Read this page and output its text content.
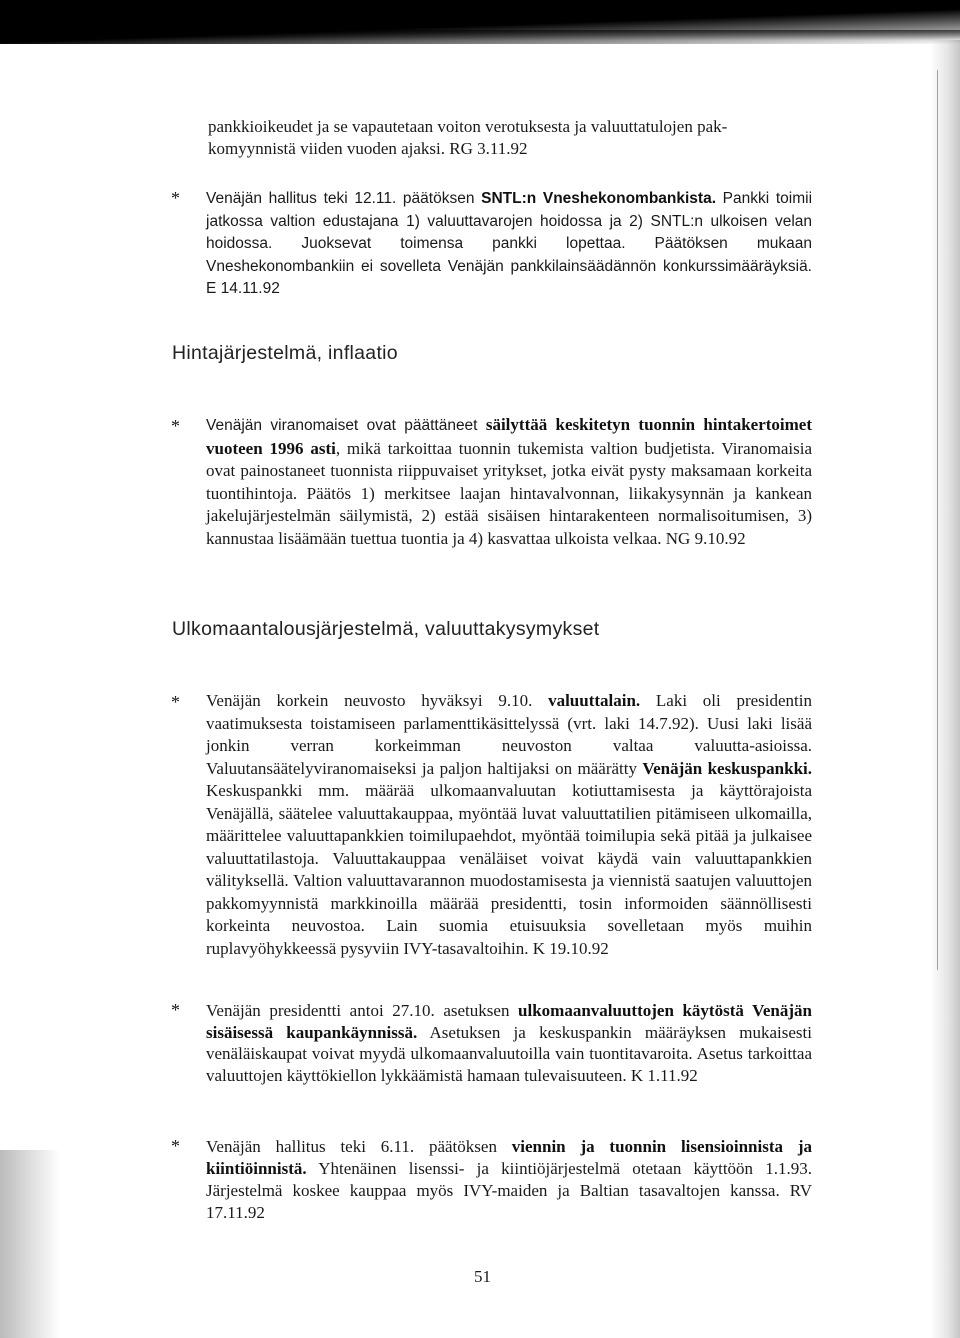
pankkioikeudet ja se vapautetaan voiton verotuksesta ja valuuttatulojen pak-

komyynnistä viiden vuoden ajaksi. RG 3.11.92

* Venäjän hallitus teki 12.11. päätöksen SNTL:n Vneshekonombankista. Pankki toimii jatkossa valtion edustajana 1) valuuttavarojen hoidossa ja 2) SNTL:n ulkoisen velan hoidossa. Juoksevat toimensa pankki lopettaa. Päätöksen mukaan Vneshekonombankiin ei sovelleta Venäjän pankkilainsäädännön konkurssimääräyksiä. E 14.11.92
Hintajärjestelmä, inflaatio
* Venäjän viranomaiset ovat päättäneet säilyttää keskitetyn tuonnin hintakertoimet vuoteen 1996 asti, mikä tarkoittaa tuonnin tukemista valtion budjetista. Viranomaisia ovat painostaneet tuonnista riippuvaiset yritykset, jotka eivät pysty maksamaan korkeita tuontihintoja. Päätös 1) merkitsee laajan hintavalvonnan, liikakysynnän ja kankean jakelujärjestelmän säilymistä, 2) estää sisäisen hintarakenteen normalisoitumisen, 3) kannustaa lisäämään tuettua tuontia ja 4) kasvattaa ulkoista velkaa. NG 9.10.92
Ulkomaantalousjärjestelmä, valuuttakysymykset
* Venäjän korkein neuvosto hyväksyi 9.10. valuuttalain. Laki oli presidentin vaatimuksesta toistamiseen parlamenttikäsittelyssä (vrt. laki 14.7.92). Uusi laki lisää jonkin verran korkeimman neuvoston valtaa valuutta-asioissa. Valuutansäätelyviranomaiseksi ja paljon haltijaksi on määrätty Venäjän keskuspankki. Keskuspankki mm. määrää ulkomaanvaluutan kotiuttamisesta ja käyttörajoista Venäjällä, säätelee valuuttakauppaa, myöntää luvat valuuttatilien pitämiseen ulkomailla, määrittelee valuuttapankkien toimilupaehdot, myöntää toimilupia sekä pitää ja julkaisee valuuttatilastoja. Valuuttakauppaa venäläiset voivat käydä vain valuuttapankkien välityksellä. Valtion valuuttavarannon muodostamisesta ja viennistä saatujen valuuttojen pakkomyynnistä markkinoilla määrää presidentti, tosin informoiden säännöllisesti korkeinta neuvostoa. Lain suomia etuisuuksia sovelletaan myös muihin ruplavyöhykkeessä pysyviin IVY-tasavaltoihin. K 19.10.92
* Venäjän presidentti antoi 27.10. asetuksen ulkomaanvaluuttojen käytöstä Venäjän sisäisessä kaupankäynnissä. Asetuksen ja keskuspankin määräyksen mukaisesti venäläiskaupat voivat myydä ulkomaanvaluutoilla vain tuontitavaroita. Asetus tarkoittaa valuuttojen käyttökiellon lykkäämistä hamaan tulevaisuuteen. K 1.11.92
* Venäjän hallitus teki 6.11. päätöksen viennin ja tuonnin lisensioinnista ja kiintiöinnistä. Yhtenäinen lisenssi- ja kiintiöjärjestelmä otetaan käyttöön 1.1.93. Järjestelmä koskee kauppaa myös IVY-maiden ja Baltian tasavaltojen kanssa. RV 17.11.92
51
